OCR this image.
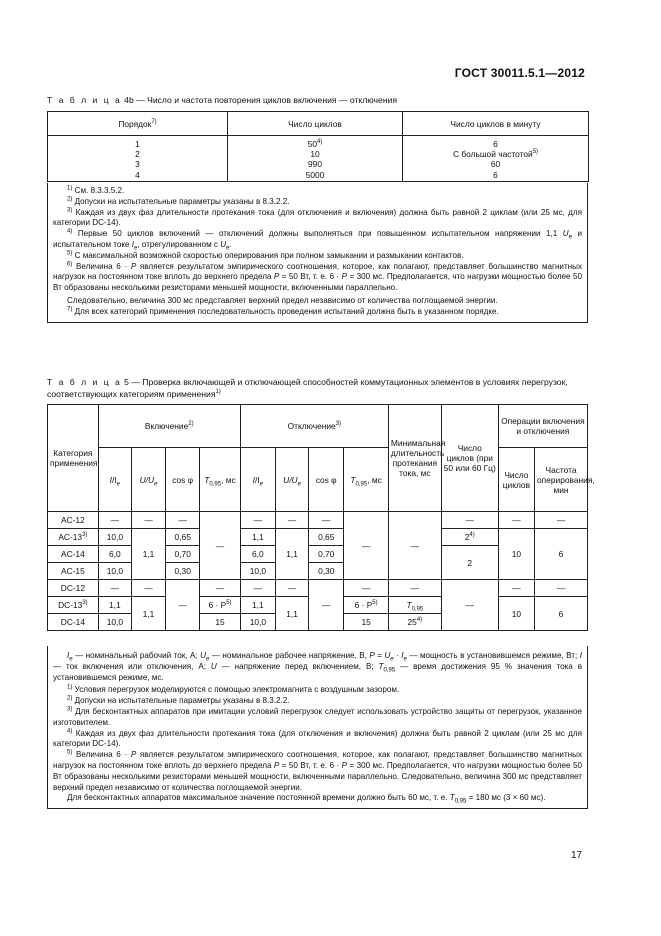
ГОСТ 30011.5.1—2012
Т а б л и ц а 4b — Число и частота повторения циклов включения — отключения
Порядок$^{7)}$	Число циклов	Число циклов в минуту
1	50$^{4)}$	6
2	10	С большой частотой$^{5)}$
3	990	60
4	5000	6

$^{1)}$ См. 8.3.3.5.2.

$^{2)}$ Допуски на испытательные параметры указаны в 8.3.2.2.

$^{3)}$ Каждая из двух фаз длительности протекания тока (для отключения и включения) должна быть равной 2 циклам (или 25 мс, для категории DC-14).

$^{4)}$ Первые 50 циклов включений — отключений должны выполняться при повышенном испытательном напряжении 1,1 $U_e$ и испытательном токе $I_e$, отрегулированном с $U_e$.

$^{5)}$ С максимальной возможной скоростью оперирования при полном замыкании и размыкании контактов.

$^{6)}$ Величина 6 · P является результатом эмпирического соотношения, которое, как полагают, представляет большинство магнитных нагрузок на постоянном токе вплоть до верхнего предела P = 50 Вт, т. е. 6 · P = 300 мс. Предполагается, что нагрузки мощностью более 50 Вт образованы несколькими резисторами меньшей мощности, включенными параллельно.

Следовательно, величина 300 мс представляет верхний предел независимо от количества поглощаемой энергии.

$^{7)}$ Для всех категорий применения последовательность проведения испытаний должна быть в указанном порядке.

Т а б л и ц а 5 — Проверка включающей и отключающей способностей коммутационных элементов в условиях перегрузок, соответствующих категориям применения$^{1)}$
Категория применения	Включение$^{2)}$				Отключение$^{3)}$				Минимальная длительность протекания тока, мс	Число циклов (при 50 или 60 Гц)	Операции включения и отключения	
	$I/I_e$	$U/U_e$	cos φ	$T_{0,95}$, мс	$I/I_e$	$U/U_e$	cos φ	$T_{0,95}$, мс			Число циклов	Частота оперирования, мин
AC-12	—	—	—	—	—	—	—	—	—	—	—	—
AC-13$^{3)}$	10,0	1,1	0,65		1,1	1,1	0,65			2$^{4)}$	10	6
AC-14	6,0		0,70		6,0		0,70			2		
AC-15	10,0		0,30		10,0		0,30					
DC-12	—	—	—	—	—	—	—	—	—	—	—	—
DC-13$^{3)}$	1,1	1,1		$6 \cdot P^{5)}$	1,1	1,1		$6 \cdot P^{5)}$	$T_{0,95}$		10	6
DC-14	10,0			15	10,0			15	25$^{4)}$

$I_e$ — номинальный рабочий ток, А; $U_e$ — номинальное рабочее напряжение, В, $P = U_e \cdot I_e$ — мощность в установившемся режиме, Вт; I — ток включения или отключения, А; U — напряжение перед включением, В; $T_{0,95}$ — время достижения 95 % значения тока в установившемся режиме, мс.

$^{1)}$ Условия перегрузок моделируются с помощью электромагнита с воздушным зазором.

$^{2)}$ Допуски на испытательные параметры указаны в 8.3.2.2.

$^{3)}$ Для бесконтактных аппаратов при имитации условий перегрузок следует использовать устройство защиты от перегрузок, указанное изготовителем.

$^{4)}$ Каждая из двух фаз длительности протекания тока (для отключения и включения) должна быть равной 2 циклам (или 25 мс для категории DC-14).

$^{5)}$ Величина 6 · P является результатом эмпирического соотношения, которое, как полагают, представляет большинство магнитных нагрузок на постоянном токе вплоть до верхнего предела P = 50 Вт, т. е. 6 · P = 300 мс. Предполагается, что нагрузки мощностью более 50 Вт образованы несколькими резисторами меньшей мощности, включенными параллельно. Следовательно, величина 300 мс представляет верхний предел независимо от количества поглощаемой энергии.

Для бесконтактных аппаратов максимальное значение постоянной времени должно быть 60 мс, т. е. $T_{0,95} = 180$ мс (3 × 60 мс).

17
